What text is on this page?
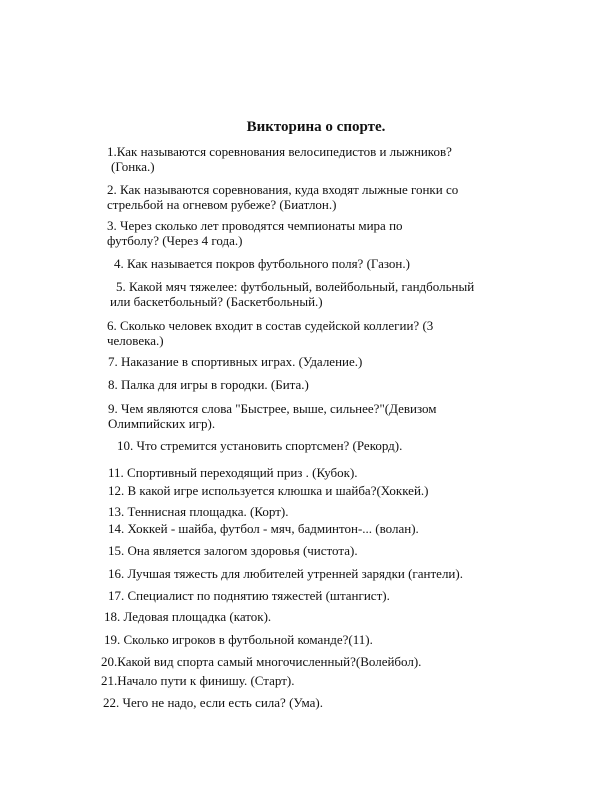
Викторина о спорте.
1.Как называются соревнования велосипедистов и лыжников?
(Гонка.)
2. Как называются соревнования, куда входят лыжные гонки со
стрельбой на огневом рубеже? (Биатлон.)
3. Через сколько лет проводятся чемпионаты мира по
футболу? (Через 4 года.)
4. Как называется покров футбольного поля? (Газон.)
5. Какой мяч тяжелее: футбольный, волейбольный, гандбольный
или баскетбольный? (Баскетбольный.)
6. Сколько человек входит в состав судейской коллегии? (3
человека.)
7. Наказание в спортивных играх. (Удаление.)
8. Палка для игры в городки. (Бита.)
9. Чем являются слова "Быстрее, выше, сильнее?"(Девизом
Олимпийских игр).
10. Что стремится установить спортсмен? (Рекорд).
11. Спортивный переходящий приз . (Кубок).
12. В какой игре используется клюшка и шайба?(Хоккей.)
13. Теннисная площадка. (Корт).
14. Хоккей - шайба, футбол - мяч, бадминтон-... (волан).
15. Она является залогом здоровья (чистота).
16. Лучшая тяжесть для любителей утренней зарядки (гантели).
17. Специалист по поднятию тяжестей (штангист).
18. Ледовая площадка (каток).
19. Сколько игроков в футбольной команде?(11).
20.Какой вид спорта самый многочисленный?(Волейбол).
21.Начало пути к финишу. (Старт).
22. Чего не надо, если есть сила? (Ума).
